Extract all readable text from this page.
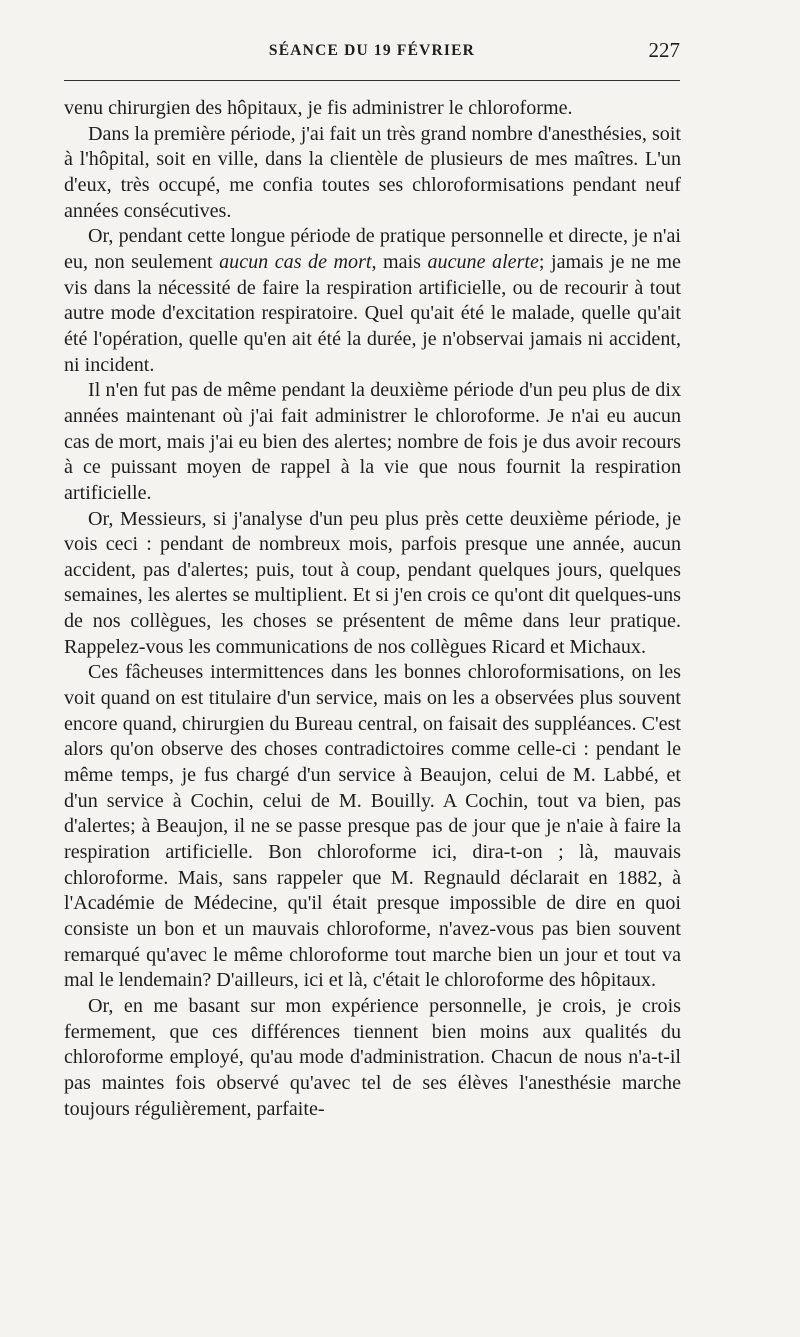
SÉANCE DU 19 FÉVRIER	227

venu chirurgien des hôpitaux, je fis administrer le chloroforme.

Dans la première période, j'ai fait un très grand nombre d'anesthésies, soit à l'hôpital, soit en ville, dans la clientèle de plusieurs de mes maîtres. L'un d'eux, très occupé, me confia toutes ses chloroformisations pendant neuf années consécutives.

Or, pendant cette longue période de pratique personnelle et directe, je n'ai eu, non seulement aucun cas de mort, mais aucune alerte; jamais je ne me vis dans la nécessité de faire la respiration artificielle, ou de recourir à tout autre mode d'excitation respiratoire. Quel qu'ait été le malade, quelle qu'ait été l'opération, quelle qu'en ait été la durée, je n'observai jamais ni accident, ni incident.

Il n'en fut pas de même pendant la deuxième période d'un peu plus de dix années maintenant où j'ai fait administrer le chloroforme. Je n'ai eu aucun cas de mort, mais j'ai eu bien des alertes; nombre de fois je dus avoir recours à ce puissant moyen de rappel à la vie que nous fournit la respiration artificielle.

Or, Messieurs, si j'analyse d'un peu plus près cette deuxième période, je vois ceci : pendant de nombreux mois, parfois presque une année, aucun accident, pas d'alertes; puis, tout à coup, pendant quelques jours, quelques semaines, les alertes se multiplient. Et si j'en crois ce qu'ont dit quelques-uns de nos collègues, les choses se présentent de même dans leur pratique. Rappelez-vous les communications de nos collègues Ricard et Michaux.

Ces fâcheuses intermittences dans les bonnes chloroformisations, on les voit quand on est titulaire d'un service, mais on les a observées plus souvent encore quand, chirurgien du Bureau central, on faisait des suppléances. C'est alors qu'on observe des choses contradictoires comme celle-ci : pendant le même temps, je fus chargé d'un service à Beaujon, celui de M. Labbé, et d'un service à Cochin, celui de M. Bouilly. A Cochin, tout va bien, pas d'alertes; à Beaujon, il ne se passe presque pas de jour que je n'aie à faire la respiration artificielle. Bon chloroforme ici, dira-t-on ; là, mauvais chloroforme. Mais, sans rappeler que M. Regnauld déclarait en 1882, à l'Académie de Médecine, qu'il était presque impossible de dire en quoi consiste un bon et un mauvais chloroforme, n'avez-vous pas bien souvent remarqué qu'avec le même chloroforme tout marche bien un jour et tout va mal le lendemain? D'ailleurs, ici et là, c'était le chloroforme des hôpitaux.

Or, en me basant sur mon expérience personnelle, je crois, je crois fermement, que ces différences tiennent bien moins aux qualités du chloroforme employé, qu'au mode d'administration. Chacun de nous n'a-t-il pas maintes fois observé qu'avec tel de ses élèves l'anesthésie marche toujours régulièrement, parfaite-
